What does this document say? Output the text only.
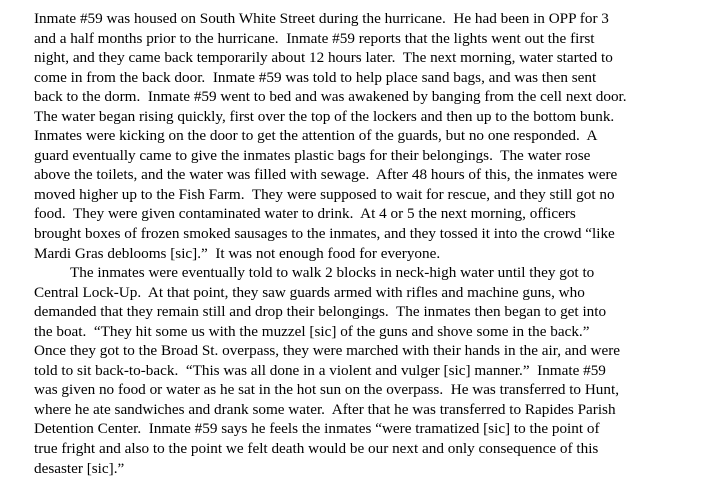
Inmate #59 was housed on South White Street during the hurricane.  He had been in OPP for 3
and a half months prior to the hurricane.  Inmate #59 reports that the lights went out the first
night, and they came back temporarily about 12 hours later.  The next morning, water started to
come in from the back door.  Inmate #59 was told to help place sand bags, and was then sent
back to the dorm.  Inmate #59 went to bed and was awakened by banging from the cell next door.
The water began rising quickly, first over the top of the lockers and then up to the bottom bunk.
Inmates were kicking on the door to get the attention of the guards, but no one responded.  A
guard eventually came to give the inmates plastic bags for their belongings.  The water rose
above the toilets, and the water was filled with sewage.  After 48 hours of this, the inmates were
moved higher up to the Fish Farm.  They were supposed to wait for rescue, and they still got no
food.  They were given contaminated water to drink.  At 4 or 5 the next morning, officers
brought boxes of frozen smoked sausages to the inmates, and they tossed it into the crowd “like
Mardi Gras deblooms [sic].”  It was not enough food for everyone.
The inmates were eventually told to walk 2 blocks in neck-high water until they got to
Central Lock-Up.  At that point, they saw guards armed with rifles and machine guns, who
demanded that they remain still and drop their belongings.  The inmates then began to get into
the boat.  “They hit some us with the muzzel [sic] of the guns and shove some in the back.”
Once they got to the Broad St. overpass, they were marched with their hands in the air, and were
told to sit back-to-back.  “This was all done in a violent and vulger [sic] manner.”  Inmate #59
was given no food or water as he sat in the hot sun on the overpass.  He was transferred to Hunt,
where he ate sandwiches and drank some water.  After that he was transferred to Rapides Parish
Detention Center.  Inmate #59 says he feels the inmates “were tramatized [sic] to the point of
true fright and also to the point we felt death would be our next and only consequence of this
desaster [sic].”
